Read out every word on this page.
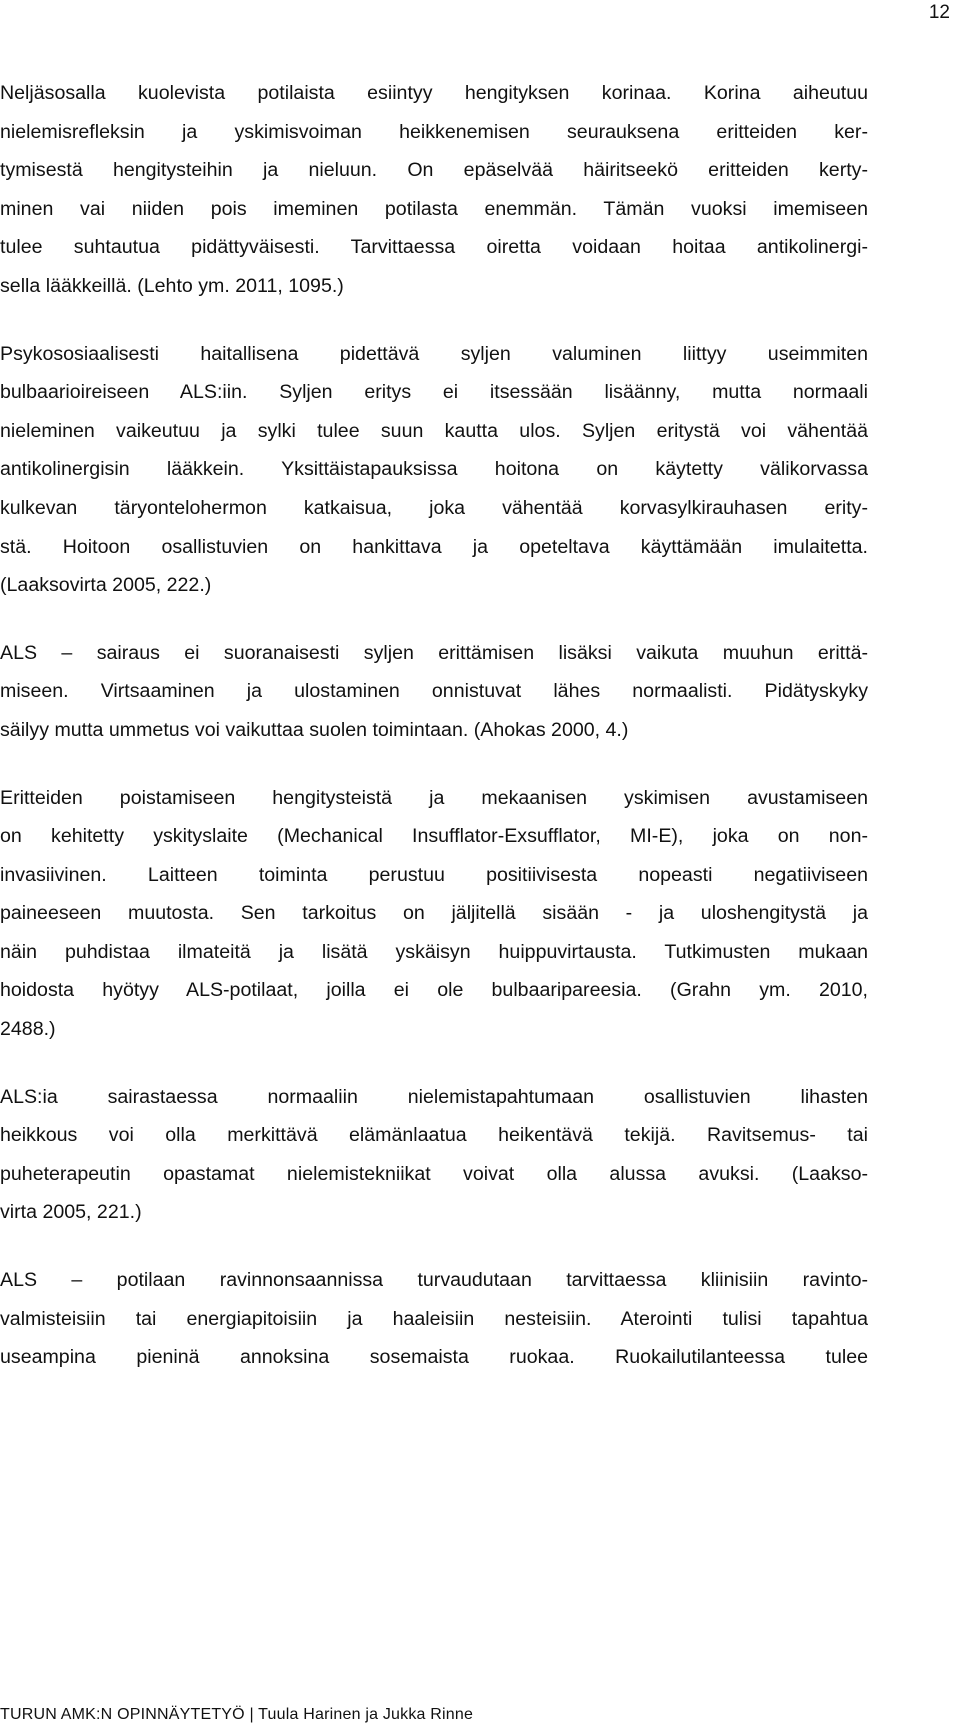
12
Neljäsosalla kuolevista potilaista esiintyy hengityksen korinaa. Korina aiheutuu
nielemisrefleksin ja yskimisvoiman heikkenemisen seurauksena eritteiden ker-
tymisestä hengitysteihin ja nieluun. On epäselvää häiritseekö eritteiden kerty-
minen vai niiden pois imeminen potilasta enemmän. Tämän vuoksi imemiseen
tulee suhtautua pidättyväisesti. Tarvittaessa oiretta voidaan hoitaa antikolinergi-
sella lääkkeillä. (Lehto ym. 2011, 1095.)
Psykososiaalisesti haitallisena pidettävä syljen valuminen liittyy useimmiten
bulbaarioireiseen ALS:iin. Syljen eritys ei itsessään lisäänny, mutta normaali
nieleminen vaikeutuu ja sylki tulee suun kautta ulos. Syljen eritystä voi vähentää
antikolinergisin lääkkein. Yksittäistapauksissa hoitona on käytetty välikorvassa
kulkevan täryontelohermon katkaisua, joka vähentää korvasylkirauhasen erity-
stä. Hoitoon osallistuvien on hankittava ja opeteltava käyttämään imulaitetta.
(Laaksovirta 2005, 222.)
ALS – sairaus ei suoranaisesti syljen erittämisen lisäksi vaikuta muuhun erittä-
miseen. Virtsaaminen ja ulostaminen onnistuvat lähes normaalisti. Pidätyskyky
säilyy mutta ummetus voi vaikuttaa suolen toimintaan. (Ahokas 2000, 4.)
Eritteiden poistamiseen hengitysteistä ja mekaanisen yskimisen avustamiseen
on kehitetty yskityslaite (Mechanical Insufflator-Exsufflator, MI-E), joka on non-
invasiivinen. Laitteen toiminta perustuu positiivisesta nopeasti negatiiviseen
paineeseen muutosta. Sen tarkoitus on jäljitellä sisään - ja uloshengitystä ja
näin puhdistaa ilmateitä ja lisätä yskäisyn huippuvirtausta. Tutkimusten mukaan
hoidosta hyötyy ALS-potilaat, joilla ei ole bulbaaripareesia. (Grahn ym. 2010,
2488.)
ALS:ia sairastaessa normaaliin nielemistapahtumaan osallistuvien lihasten
heikkous voi olla merkittävä elämänlaatua heikentävä tekijä. Ravitsemus- tai
puheterapeutin opastamat nielemistekniikat voivat olla alussa avuksi. (Laakso-
virta 2005, 221.)
ALS – potilaan ravinnonsaannissa turvaudutaan tarvittaessa kliinisiin ravinto-
valmisteisiin tai energiapitoisiin ja haaleisiin nesteisiin. Aterointi tulisi tapahtua
useampina pieninä annoksina sosemaista ruokaa. Ruokailutilanteessa tulee
TURUN AMK:N OPINNÄYTETYÖ | Tuula Harinen ja Jukka Rinne
